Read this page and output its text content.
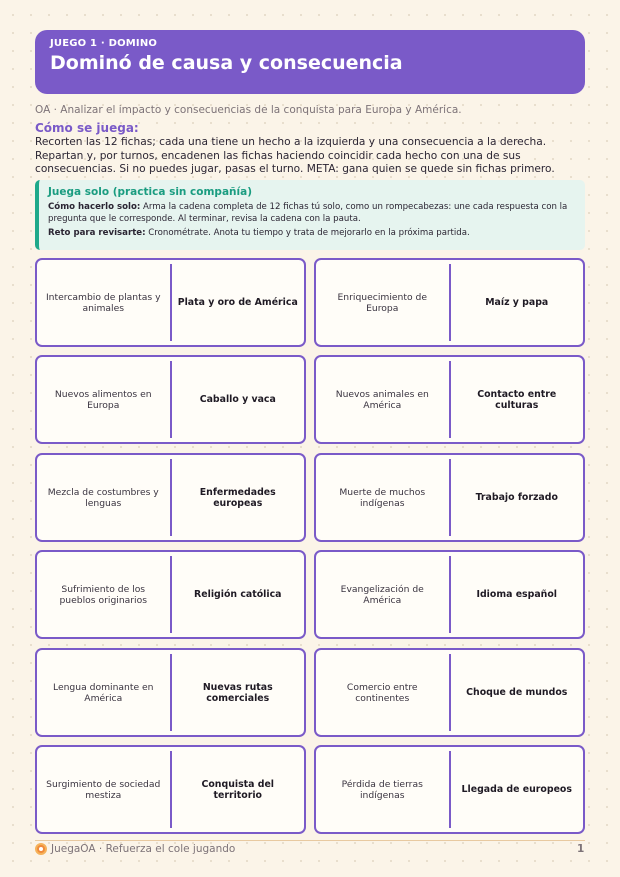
JUEGO 1 · DOMINO
Dominó de causa y consecuencia
OA · Analizar el impacto y consecuencias de la conquista para Europa y América.
Cómo se juega:
Recorten las 12 fichas; cada una tiene un hecho a la izquierda y una consecuencia a la derecha. Repartan y, por turnos, encadenen las fichas haciendo coincidir cada hecho con una de sus consecuencias. Si no puedes jugar, pasas el turno. META: gana quien se quede sin fichas primero.
Juega solo (practica sin compañía)
Cómo hacerlo solo: Arma la cadena completa de 12 fichas tú solo, como un rompecabezas: une cada respuesta con la pregunta que le corresponde. Al terminar, revisa la cadena con la pauta.
Reto para revisarte: Cronométrate. Anota tu tiempo y trata de mejorarlo en la próxima partida.
Intercambio de plantas y animales	Plata y oro de América	Enriquecimiento de Europa	Maíz y papa
Nuevos alimentos en Europa	Caballo y vaca	Nuevos animales en América
Contacto entre culturas
Mezcla de costumbres y lenguas
Enfermedades europeas
Muerte de muchos indígenas	Trabajo forzado
Sufrimiento de los pueblos originarios	Religión católica	Evangelización de América	Idioma español
Lengua dominante en América
Nuevas rutas comerciales
Comercio entre continentes	Choque de mundos
Surgimiento de sociedad mestiza
Conquista del territorio
Pérdida de tierras indígenas	Llegada de europeos
JuegaOA · Refuerza el cole jugando	1
